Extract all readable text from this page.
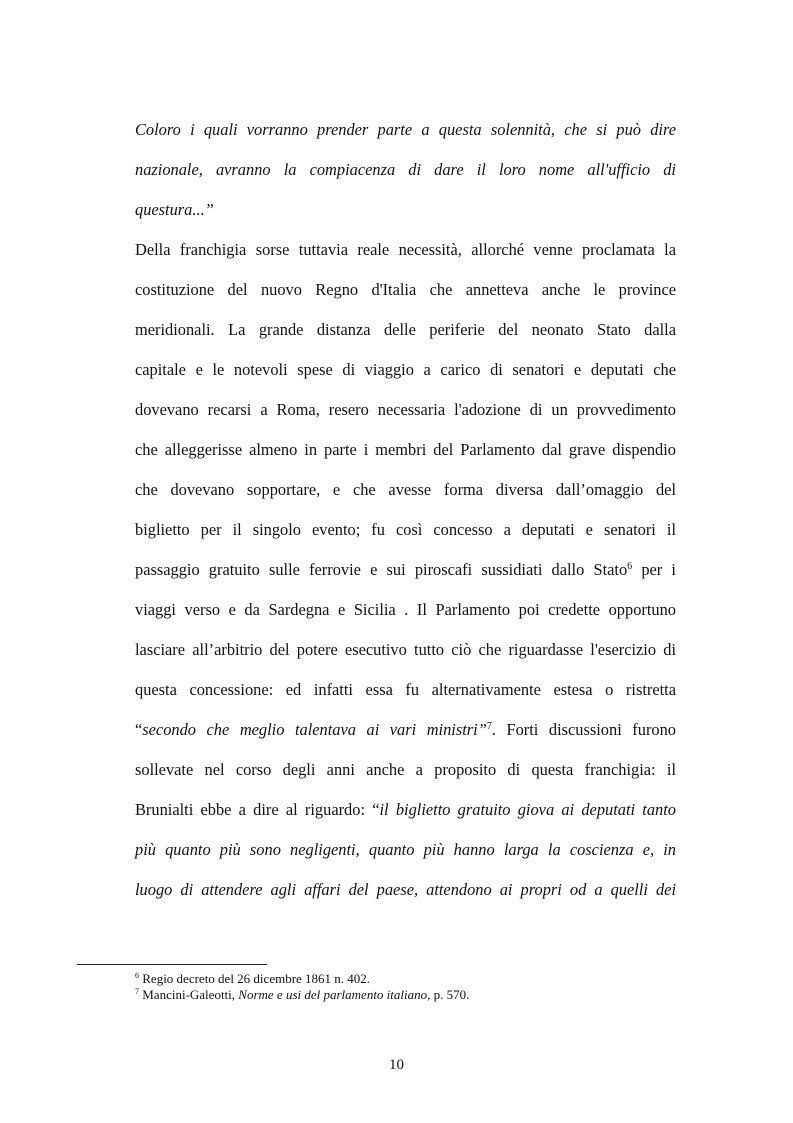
Coloro i quali vorranno prender parte a questa solennità, che si può dire
nazionale, avranno la compiacenza di dare il loro nome all'ufficio di
questura...”
Della franchigia sorse tuttavia reale necessità, allorché venne proclamata la
costituzione del nuovo Regno d'Italia che annetteva anche le province
meridionali. La grande distanza delle periferie del neonato Stato dalla
capitale e le notevoli spese di viaggio a carico di senatori e deputati che
dovevano recarsi a Roma, resero necessaria l'adozione di un provvedimento
che alleggerisse almeno in parte i membri del Parlamento dal grave dispendio
che dovevano sopportare, e che avesse forma diversa dall’omaggio del
biglietto per il singolo evento; fu così concesso a deputati e senatori il
passaggio gratuito sulle ferrovie e sui piroscafi sussidiati dallo Stato$^6$ per i
viaggi verso e da Sardegna e Sicilia . Il Parlamento poi credette opportuno
lasciare all’arbitrio del potere esecutivo tutto ciò che riguardasse l'esercizio di
questa concessione: ed infatti essa fu alternativamente estesa o ristretta
“secondo che meglio talentava ai vari ministri”$^7$. Forti discussioni furono
sollevate nel corso degli anni anche a proposito di questa franchigia: il
Brunialti ebbe a dire al riguardo: “il biglietto gratuito giova ai deputati tanto
più quanto più sono negligenti, quanto più hanno larga la coscienza e, in
luogo di attendere agli affari del paese, attendono ai propri od a quelli dei
$^6$ Regio decreto del 26 dicembre 1861 n. 402.
$^7$ Mancini-Galeotti, Norme e usi del parlamento italiano, p. 570.
10
